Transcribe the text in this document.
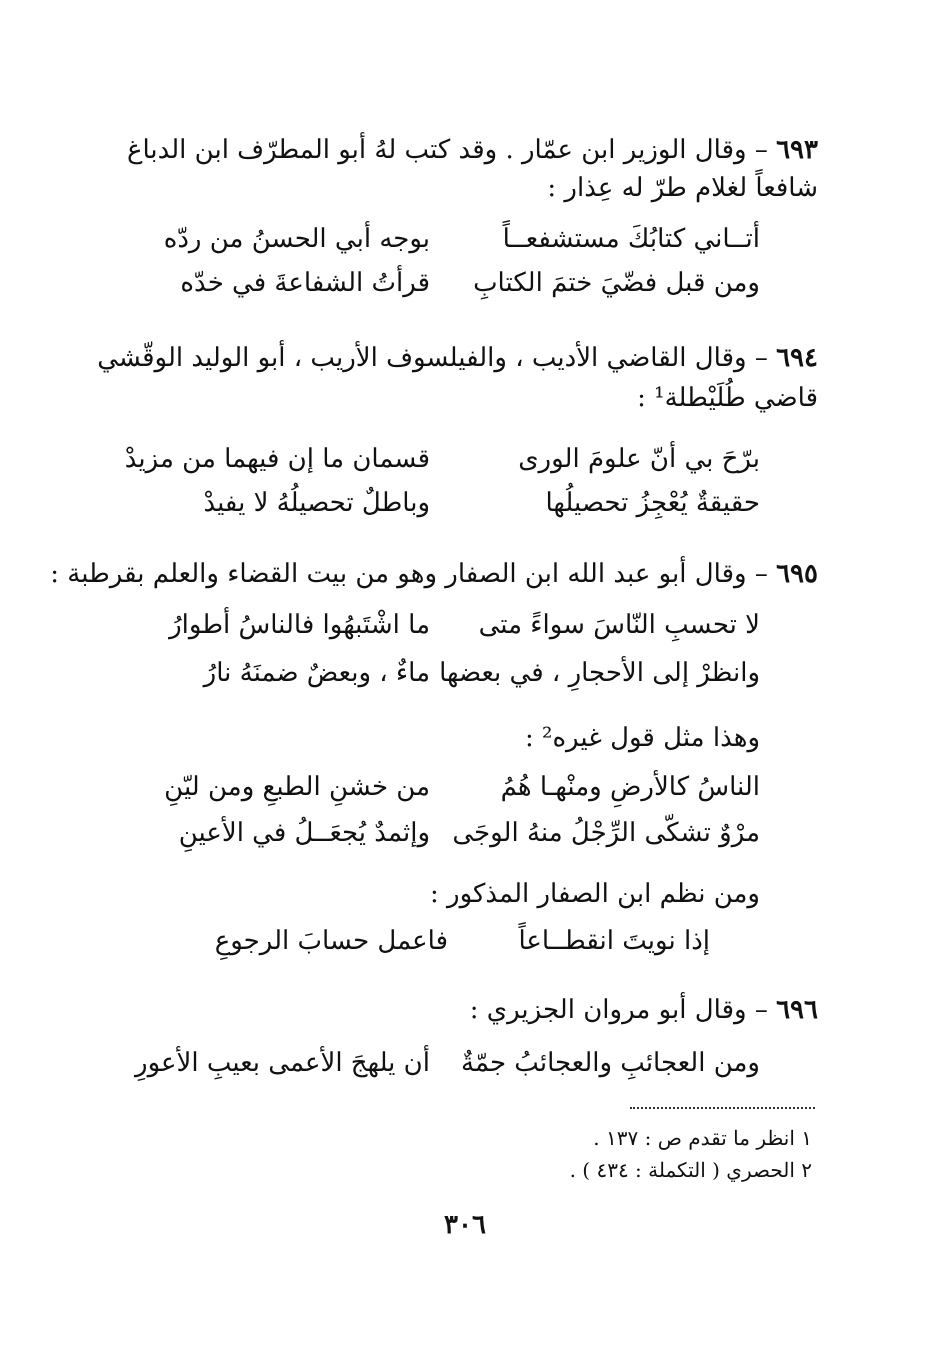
٦٩٣ – وقال الوزير ابن عمّار . وقد كتب لهُ أبو المطرّف ابن الدباغ
شافعاً لغلام طرّ له عِذار :
أتــاني كتابُكَ مستشفعــاً
بوجه أبي الحسنُ من ردّه
ومن قبل فضّيَ ختمَ الكتابِ
قرأتُ الشفاعةَ في خدّه
٦٩٤ – وقال القاضي الأديب ، والفيلسوف الأريب ، أبو الوليد الوقّشي
قاضي طُلَيْطلة¹ :
برّحَ بي أنّ علومَ الورى
قسمان ما إن فيهما من مزيدْ
حقيقةٌ يُعْجِزُ تحصيلُها
وباطلٌ تحصيلُهُ لا يفيدْ
٦٩٥ – وقال أبو عبد الله ابن الصفار وهو من بيت القضاء والعلم بقرطبة :
لا تحسبِ النّاسَ سواءً متى
ما اشْتَبهُوا فالناسُ أطوارُ
وانظرْ إلى الأحجارِ ، في بعضها
ماءٌ ، وبعضٌ ضمنَهُ نارُ
وهذا مثل قول غيره² :
الناسُ كالأرضِ ومنْهـا هُمُ
من خشنِ الطبعِ ومن ليّنِ
مرْوٌ تشكّى الرِّجْلُ منهُ الوجَى
وإثمدٌ يُجعَــلُ في الأعينِ
ومن نظم ابن الصفار المذكور :
إذا نويتَ انقطــاعاً
فاعمل حسابَ الرجوعِ
٦٩٦ – وقال أبو مروان الجزيري :
ومن العجائبِ والعجائبُ جمّةٌ
أن يلهجَ الأعمى بعيبِ الأعورِ
١ انظر ما تقدم ص : ١٣٧ .
٢ الحصري ( التكملة : ٤٣٤ ) .
٣٠٦
